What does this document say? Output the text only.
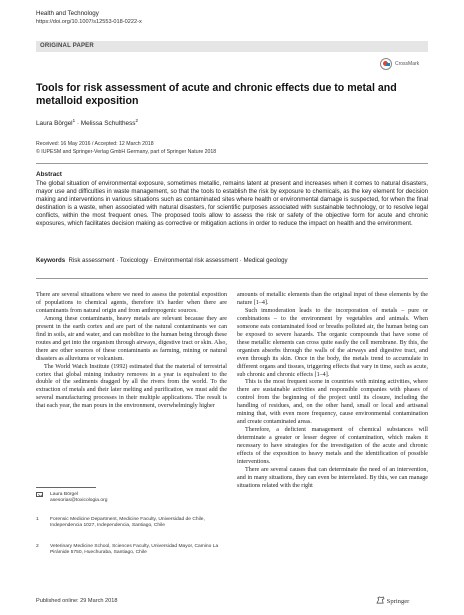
Health and Technology
https://doi.org/10.1007/s12553-018-0222-x
ORIGINAL PAPER
CrossMark
Tools for risk assessment of acute and chronic effects due to metal and metalloid exposition
Laura Börgel$^1$ · Melissa Schulthess$^2$
Received: 16 May 2016 / Accepted: 12 March 2018
© IUPESM and Springer-Verlag GmbH Germany, part of Springer Nature 2018
Abstract
The global situation of environmental exposure, sometimes metallic, remains latent at present and increases when it comes to natural disasters, mayor use and difficulties in waste management, so that the tools to establish the risk by exposure to chemicals, as the key element for decision making and interventions in various situations such as contaminated sites where health or environmental damage is suspected, for when the final destination is a waste, when associated with natural disasters, for scientific purposes associated with sustainable technology, or to resolve legal conflicts, within the most frequent ones. The proposed tools allow to assess the risk or safety of the objective form for acute and chronic exposures, which facilitates decision making as corrective or mitigation actions in order to reduce the impact on health and the environment.
Keywords Risk assessment · Toxicology · Environmental risk assessment · Medical geology

There are several situations where we need to assess the potential exposition of populations to chemical agents, therefore it's harder when there are contaminants from natural origin and from anthropogenic sources.

Among these contaminants, heavy metals are relevant because they are present in the earth cortex and are part of the natural contaminants we can find in soils, air and water, and can mobilize to the human being through these routes and get into the organism through airways, digestive tract or skin. Also, there are other sources of these contaminants as farming, mining or natural disasters as alluviums or volcanism.

The World Watch Institute (1992) estimated that the material of terrestrial cortex that global mining industry removes in a year is equivalent to the double of the sediments dragged by all the rivers from the world. To the extraction of metals and their later melting and purification, we must add the several manufacturing processes in their multiple applications. The result is that each year, the man pours in the environment, overwhelmingly higher

amounts of metallic elements than the original input of these elements by the nature [1–4].

Such immoderation leads to the incorporation of metals – pure or combinations – to the environment by vegetables and animals. When someone eats contaminated food or breaths polluted air, the human being can be exposed to severe hazards. The organic compounds that have some of these metallic elements can cross quite easily the cell membrane. By this, the organism absorbs through the walls of the airways and digestive tract, and even through its skin. Once in the body, the metals trend to accumulate in different organs and tissues, triggering effects that vary in time, such as acute, sub chronic and chronic effects [1–4].

This is the most frequent scene in countries with mining activities, where there are sustainable activities and responsible companies with phases of control from the beginning of the project until its closure, including the handling of residues, and, on the other hand, small or local and artisanal mining that, with even more frequency, cause environmental contamination and create contaminated areas.

Therefore, a deficient management of chemical substances will determinate a greater or lesser degree of contamination, which makes it necessary to have strategies for the investigation of the acute and chronic effects of the exposition to heavy metals and the identification of possible interventions.

There are several causes that can determinate the need of an intervention, and in many situations, they can even be interrelated. By this, we can manage situations related with the right

Laura Börgel
asesorias@toxicologia.org
1 Forensic Medicine Department, Medicine Faculty, Universidad de Chile, Independencia 1027, Independencia, Santiago, Chile
2 Veterinary Medicine School, Sciences Faculty, Universidad Mayor, Camino La Pirámide 5750, Huechuraba, Santiago, Chile
Published online: 29 March 2018	Springer
